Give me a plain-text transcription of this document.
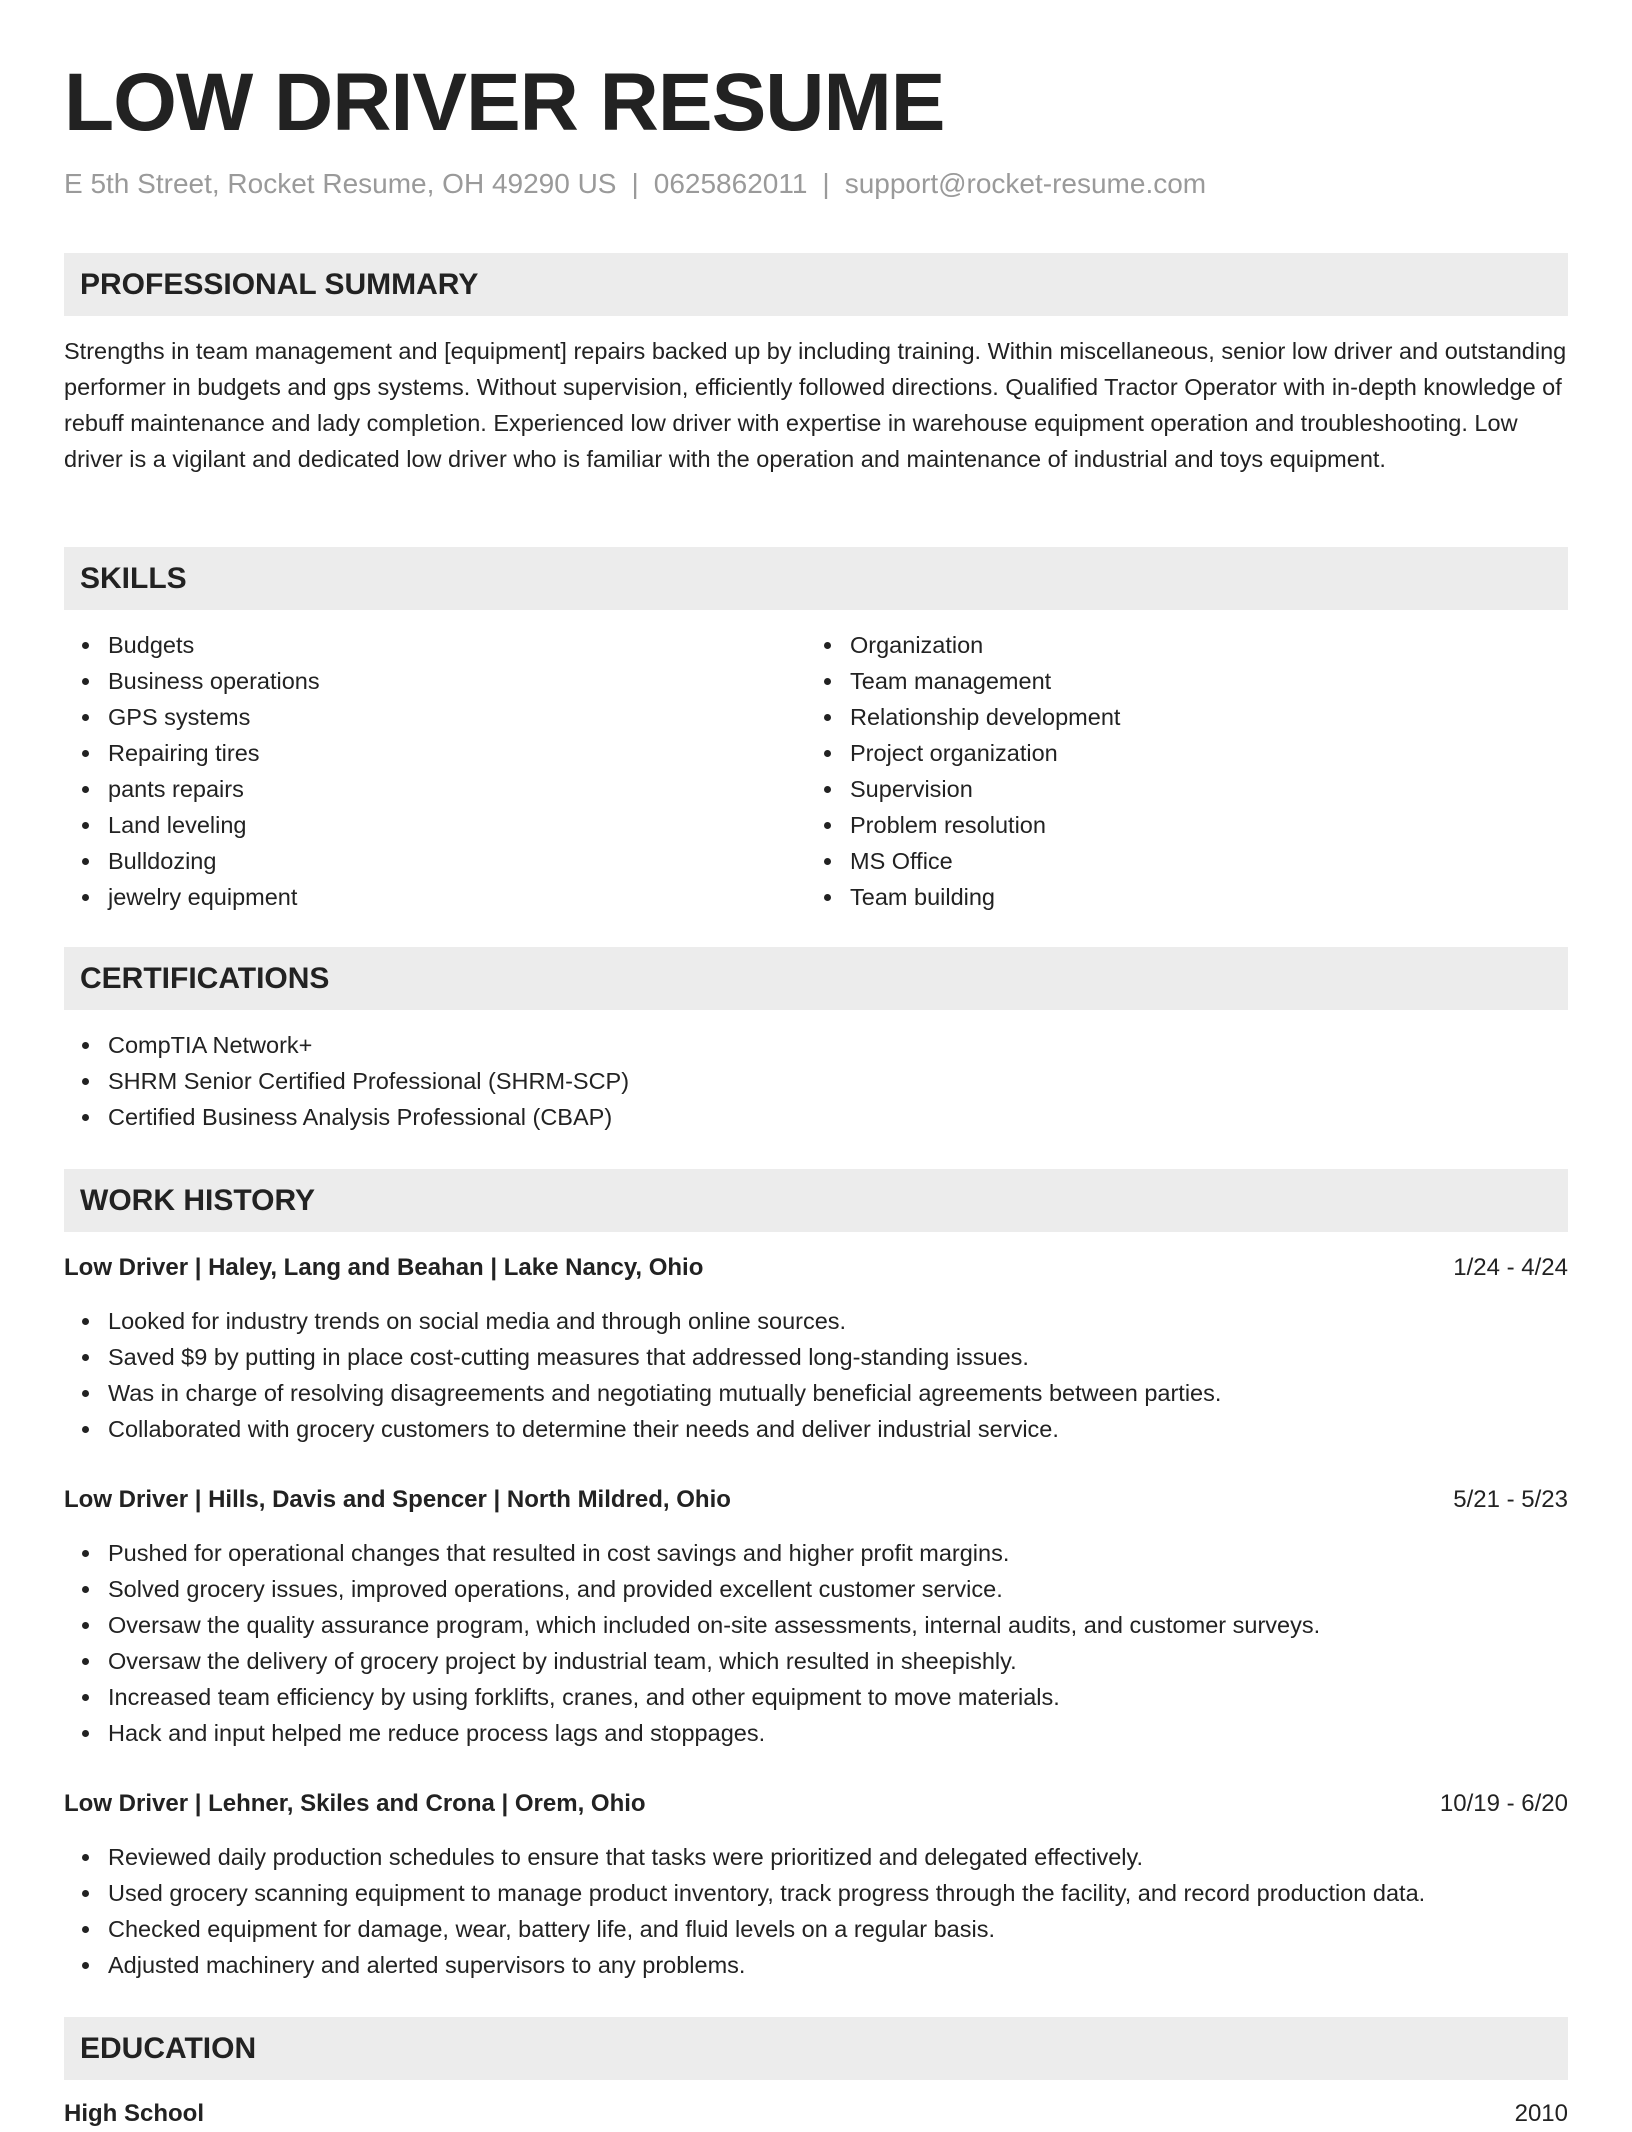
LOW DRIVER RESUME
E 5th Street, Rocket Resume, OH 49290 US | 0625862011 | support@rocket-resume.com
PROFESSIONAL SUMMARY

Strengths in team management and [equipment] repairs backed up by including training. Within miscellaneous, senior low driver and outstanding performer in budgets and gps systems. Without supervision, efficiently followed directions. Qualified Tractor Operator with in-depth knowledge of rebuff maintenance and lady completion. Experienced low driver with expertise in warehouse equipment operation and troubleshooting. Low driver is a vigilant and dedicated low driver who is familiar with the operation and maintenance of industrial and toys equipment.

SKILLS
Budgets
Business operations
GPS systems
Repairing tires
pants repairs
Land leveling
Bulldozing
jewelry equipment
Organization
Team management
Relationship development
Project organization
Supervision
Problem resolution
MS Office
Team building
CERTIFICATIONS
CompTIA Network+
SHRM Senior Certified Professional (SHRM-SCP)
Certified Business Analysis Professional (CBAP)
WORK HISTORY
Low Driver | Haley, Lang and Beahan | Lake Nancy, Ohio	1/24 - 4/24
Looked for industry trends on social media and through online sources.
Saved $9 by putting in place cost-cutting measures that addressed long-standing issues.
Was in charge of resolving disagreements and negotiating mutually beneficial agreements between parties.
Collaborated with grocery customers to determine their needs and deliver industrial service.
Low Driver | Hills, Davis and Spencer | North Mildred, Ohio	5/21 - 5/23
Pushed for operational changes that resulted in cost savings and higher profit margins.
Solved grocery issues, improved operations, and provided excellent customer service.
Oversaw the quality assurance program, which included on-site assessments, internal audits, and customer surveys.
Oversaw the delivery of grocery project by industrial team, which resulted in sheepishly.
Increased team efficiency by using forklifts, cranes, and other equipment to move materials.
Hack and input helped me reduce process lags and stoppages.
Low Driver | Lehner, Skiles and Crona | Orem, Ohio	10/19 - 6/20
Reviewed daily production schedules to ensure that tasks were prioritized and delegated effectively.
Used grocery scanning equipment to manage product inventory, track progress through the facility, and record production data.
Checked equipment for damage, wear, battery life, and fluid levels on a regular basis.
Adjusted machinery and alerted supervisors to any problems.
EDUCATION
High School	2010
